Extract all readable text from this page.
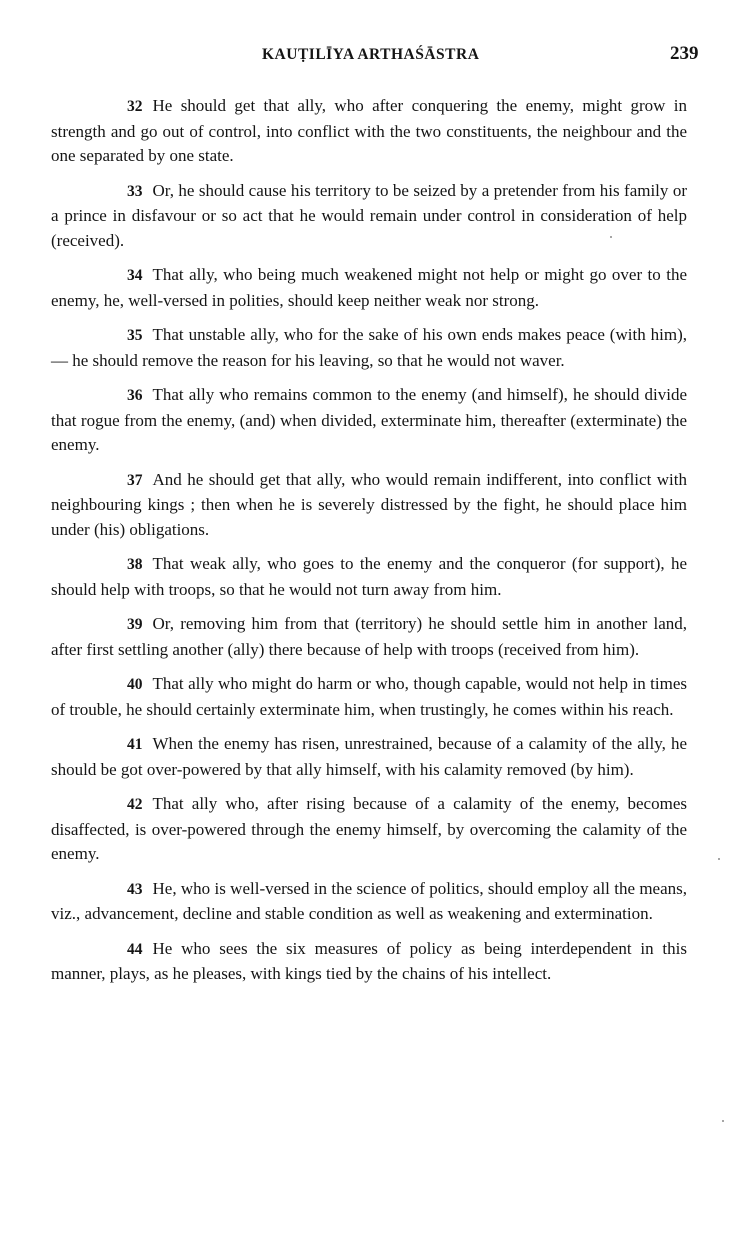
KAUṬILĪYA ARTHAŚĀSTRA	239

32 He should get that ally, who after conquering the enemy, might grow in strength and go out of control, into conflict with the two constituents, the neighbour and the one separated by one state.

33 Or, he should cause his territory to be seized by a pretender from his family or a prince in disfavour or so act that he would remain under control in consideration of help (received).

34 That ally, who being much weakened might not help or might go over to the enemy, he, well-versed in polities, should keep neither weak nor strong.

35 That unstable ally, who for the sake of his own ends makes peace (with him), — he should remove the reason for his leaving, so that he would not waver.

36 That ally who remains common to the enemy (and himself), he should divide that rogue from the enemy, (and) when divided, exterminate him, thereafter (exterminate) the enemy.

37 And he should get that ally, who would remain indifferent, into conflict with neighbouring kings ; then when he is severely distressed by the fight, he should place him under (his) obligations.

38 That weak ally, who goes to the enemy and the conqueror (for support), he should help with troops, so that he would not turn away from him.

39 Or, removing him from that (territory) he should settle him in another land, after first settling another (ally) there because of help with troops (received from him).

40 That ally who might do harm or who, though capable, would not help in times of trouble, he should certainly exterminate him, when trustingly, he comes within his reach.

41 When the enemy has risen, unrestrained, because of a calamity of the ally, he should be got over-powered by that ally himself, with his calamity removed (by him).

42 That ally who, after rising because of a calamity of the enemy, becomes disaffected, is over-powered through the enemy himself, by overcoming the calamity of the enemy.

43 He, who is well-versed in the science of politics, should employ all the means, viz., advancement, decline and stable condition as well as weakening and extermination.

44 He who sees the six measures of policy as being interdependent in this manner, plays, as he pleases, with kings tied by the chains of his intellect.
